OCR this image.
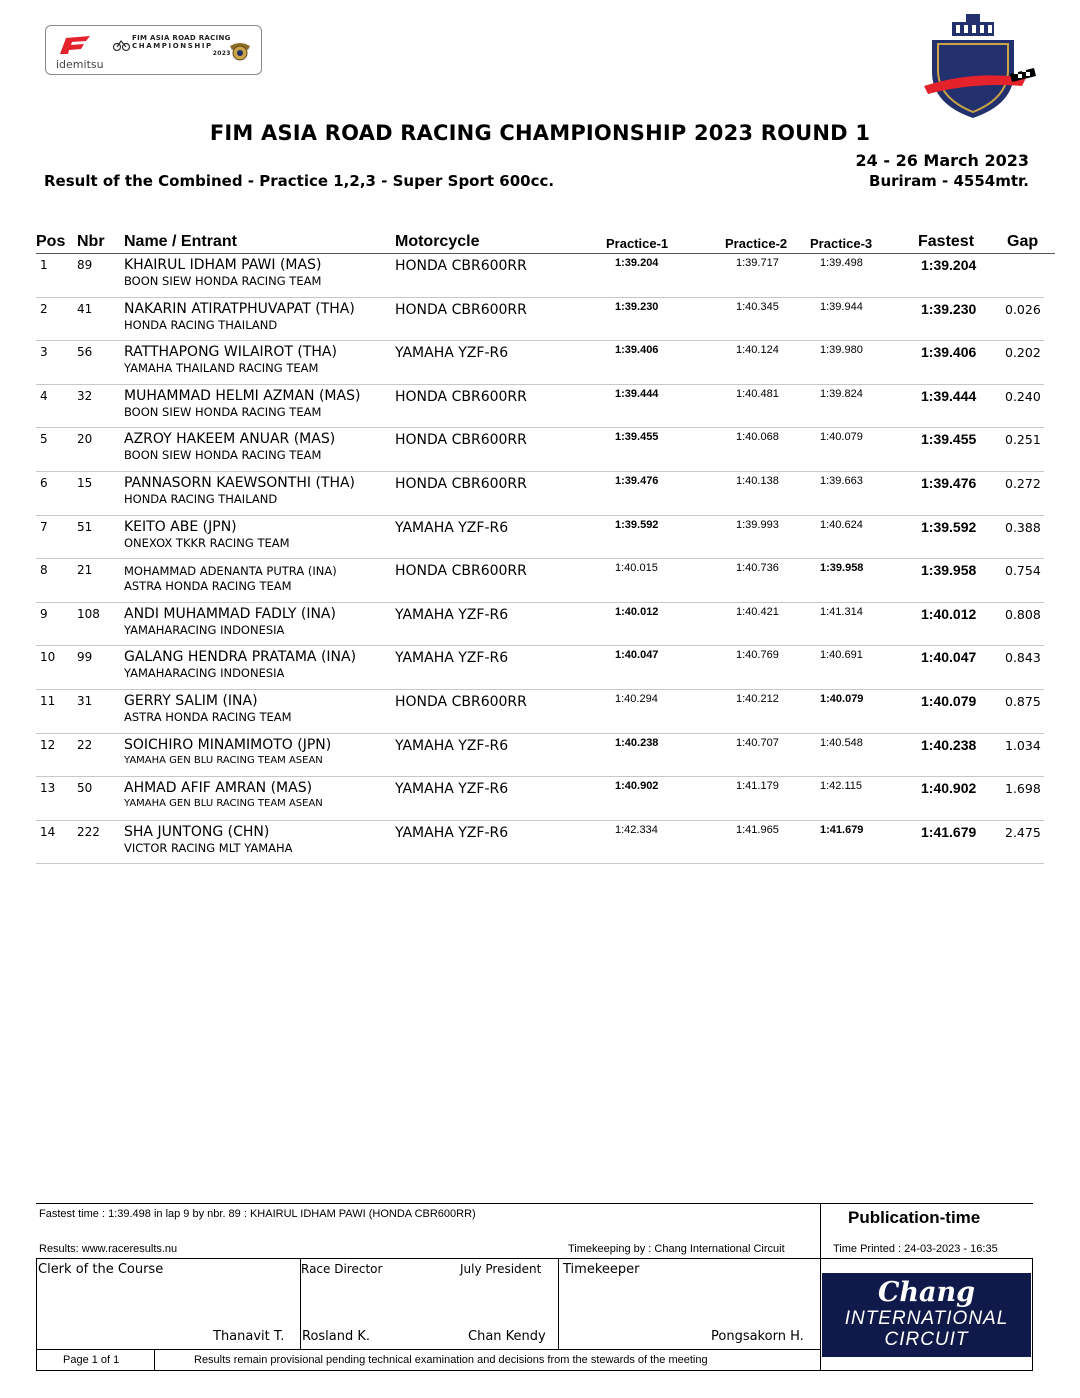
idemitsu
FIM ASIA ROAD RACING
CHAMPIONSHIP
2023
FIM ASIA ROAD RACING CHAMPIONSHIP 2023 ROUND 1
24 - 26 March 2023
Result of the Combined - Practice 1,2,3 - Super Sport 600cc.	Buriram - 4554mtr.
Pos Nbr Name / Entrant	Motorcycle	Practice-1	Practice-2 Practice-3	Fastest Gap
1 89 KHAIRUL IDHAM PAWI (MAS)
BOON SIEW HONDA RACING TEAM
HONDA CBR600RR	1:39.204	1:39.717	1:39.498	1:39.204
2 41 NAKARIN ATIRATPHUVAPAT (THA)
HONDA RACING THAILAND
HONDA CBR600RR	1:39.230	1:40.345	1:39.944	1:39.230 0.026
3 56 RATTHAPONG WILAIROT (THA)
YAMAHA THAILAND RACING TEAM
YAMAHA YZF-R6	1:39.406	1:40.124	1:39.980	1:39.406 0.202
4 32 MUHAMMAD HELMI AZMAN (MAS)
BOON SIEW HONDA RACING TEAM
HONDA CBR600RR	1:39.444	1:40.481	1:39.824	1:39.444 0.240
5 20 AZROY HAKEEM ANUAR (MAS)
BOON SIEW HONDA RACING TEAM
HONDA CBR600RR	1:39.455	1:40.068	1:40.079	1:39.455 0.251
6 15 PANNASORN KAEWSONTHI (THA)
HONDA RACING THAILAND
HONDA CBR600RR	1:39.476	1:40.138	1:39.663	1:39.476 0.272
7 51 KEITO ABE (JPN)
ONEXOX TKKR RACING TEAM
YAMAHA YZF-R6	1:39.592	1:39.993	1:40.624	1:39.592 0.388
8 21	MOHAMMAD ADENANTA PUTRA (INA)
ASTRA HONDA RACING TEAM
HONDA CBR600RR	1:40.015	1:40.736	1:39.958	1:39.958 0.754
9 108 ANDI MUHAMMAD FADLY (INA)
YAMAHARACING INDONESIA
YAMAHA YZF-R6	1:40.012	1:40.421	1:41.314	1:40.012 0.808
10 99 GALANG HENDRA PRATAMA (INA)
YAMAHARACING INDONESIA
YAMAHA YZF-R6	1:40.047	1:40.769	1:40.691	1:40.047 0.843
11 31 GERRY SALIM (INA)
ASTRA HONDA RACING TEAM
HONDA CBR600RR	1:40.294	1:40.212	1:40.079	1:40.079 0.875
12 22 SOICHIRO MINAMIMOTO (JPN)
YAMAHA GEN BLU RACING TEAM ASEAN
YAMAHA YZF-R6	1:40.238	1:40.707	1:40.548	1:40.238 1.034
13 50 AHMAD AFIF AMRAN (MAS)
YAMAHA GEN BLU RACING TEAM ASEAN
YAMAHA YZF-R6	1:40.902	1:41.179	1:42.115	1:40.902 1.698
14 222 SHA JUNTONG (CHN)
VICTOR RACING MLT YAMAHA
YAMAHA YZF-R6	1:42.334	1:41.965	1:41.679	1:41.679 2.475
Fastest time : 1:39.498 in lap 9 by nbr. 89 : KHAIRUL IDHAM PAWI (HONDA CBR600RR)	Publication-time
Results: www.raceresults.nu	Timekeeping by : Chang International Circuit	Time Printed : 24-03-2023 - 16:35
Clerk of the Course	Race Director	July President Timekeeper
Thanavit T. Rosland K.	Chan Kendy	Pongsakorn H.
Page 1 of 1	Results remain provisional pending technical examination and decisions from the stewards of the meeting
Chang
INTERNATIONAL
CIRCUIT
